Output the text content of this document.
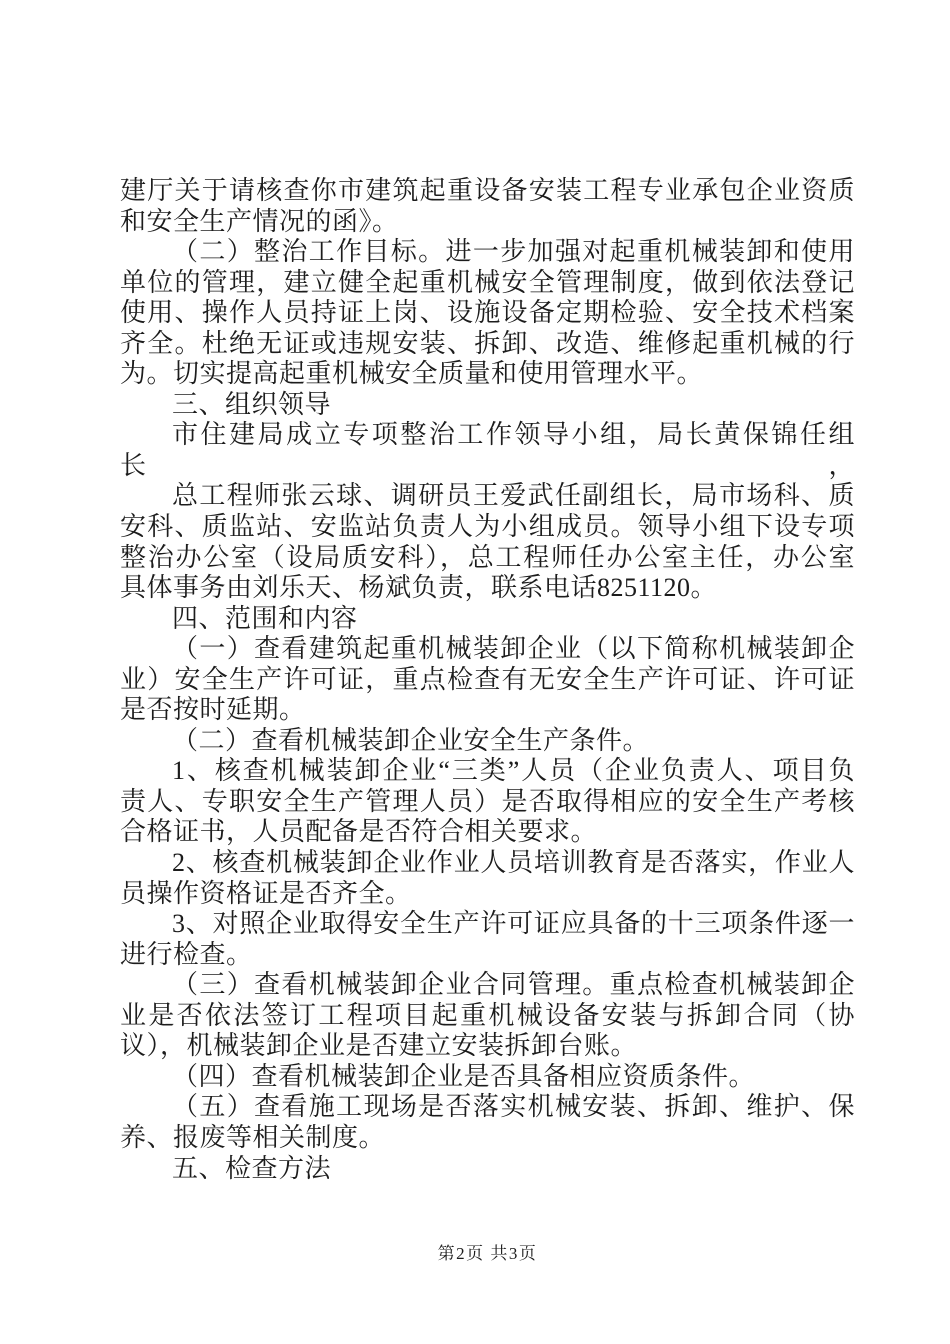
建厅关于请核查你市建筑起重设备安装工程专业承包企业资质
和安全生产情况的函》。
（二）整治工作目标。进一步加强对起重机械装卸和使用
单位的管理，建立健全起重机械安全管理制度，做到依法登记
使用、操作人员持证上岗、设施设备定期检验、安全技术档案
齐全。杜绝无证或违规安装、拆卸、改造、维修起重机械的行
为。切实提高起重机械安全质量和使用管理水平。
三、组织领导
市住建局成立专项整治工作领导小组，局长黄保锦任组长，

总工程师张云球、调研员王爱武任副组长，局市场科、质
安科、质监站、安监站负责人为小组成员。领导小组下设专项
整治办公室（设局质安科），总工程师任办公室主任，办公室
具体事务由刘乐天、杨斌负责，联系电话8251120。
四、范围和内容
（一）查看建筑起重机械装卸企业（以下简称机械装卸企
业）安全生产许可证，重点检查有无安全生产许可证、许可证
是否按时延期。
（二）查看机械装卸企业安全生产条件。
1、核查机械装卸企业“三类”人员（企业负责人、项目负
责人、专职安全生产管理人员）是否取得相应的安全生产考核
合格证书，人员配备是否符合相关要求。
2、核查机械装卸企业作业人员培训教育是否落实，作业人
员操作资格证是否齐全。
3、对照企业取得安全生产许可证应具备的十三项条件逐一
进行检查。
（三）查看机械装卸企业合同管理。重点检查机械装卸企
业是否依法签订工程项目起重机械设备安装与拆卸合同（协
议），机械装卸企业是否建立安装拆卸台账。
（四）查看机械装卸企业是否具备相应资质条件。
（五）查看施工现场是否落实机械安装、拆卸、维护、保
养、报废等相关制度。
五、检查方法
第2页 共3页
